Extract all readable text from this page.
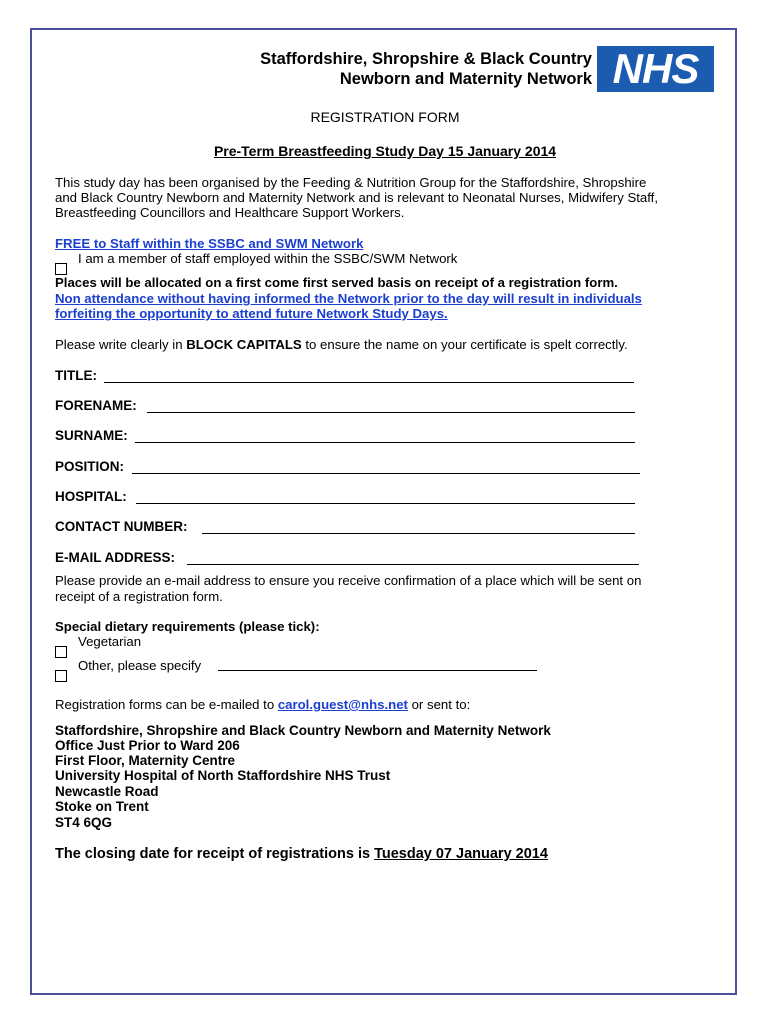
Staffordshire, Shropshire & Black Country
Newborn and Maternity Network NHS
REGISTRATION FORM
Pre-Term Breastfeeding Study Day 15 January 2014
This study day has been organised by the Feeding & Nutrition Group for the Staffordshire, Shropshire
and Black Country Newborn and Maternity Network and is relevant to Neonatal Nurses, Midwifery Staff,
Breastfeeding Councillors and Healthcare Support Workers.
FREE to Staff within the SSBC and SWM Network
I am a member of staff employed within the SSBC/SWM Network
Places will be allocated on a first come first served basis on receipt of a registration form.
Non attendance without having informed the Network prior to the day will result in individuals
forfeiting the opportunity to attend future Network Study Days.
Please write clearly in BLOCK CAPITALS to ensure the name on your certificate is spelt correctly.
TITLE:
FORENAME:
SURNAME:
POSITION:
HOSPITAL:
CONTACT NUMBER:
E-MAIL ADDRESS:
Please provide an e-mail address to ensure you receive confirmation of a place which will be sent on
receipt of a registration form.
Special dietary requirements (please tick):
Vegetarian
Other, please specify
Registration forms can be e-mailed to carol.guest@nhs.net or sent to:
Staffordshire, Shropshire and Black Country Newborn and Maternity Network
Office Just Prior to Ward 206
First Floor, Maternity Centre
University Hospital of North Staffordshire NHS Trust
Newcastle Road
Stoke on Trent
ST4 6QG
The closing date for receipt of registrations is Tuesday 07 January 2014
